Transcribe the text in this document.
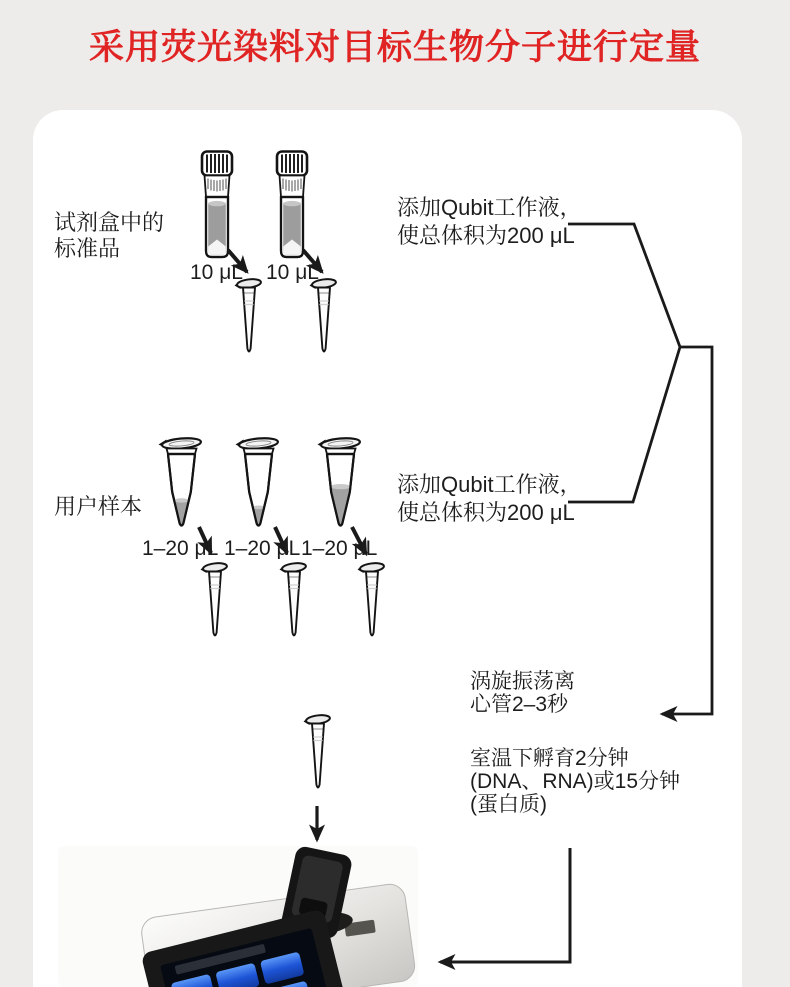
采用荧光染料对目标生物分子进行定量
试剂盒中的
标准品
10 μL 10 μL
添加Qubit工作液，
使总体积为200 μL
用户样本
1–20 μL 1–20 μL 1–20 μL
添加Qubit工作液，
使总体积为200 μL
涡旋振荡离
心管2–3秒
室温下孵育2分钟
(DNA、RNA)或15分钟
(蛋白质)
